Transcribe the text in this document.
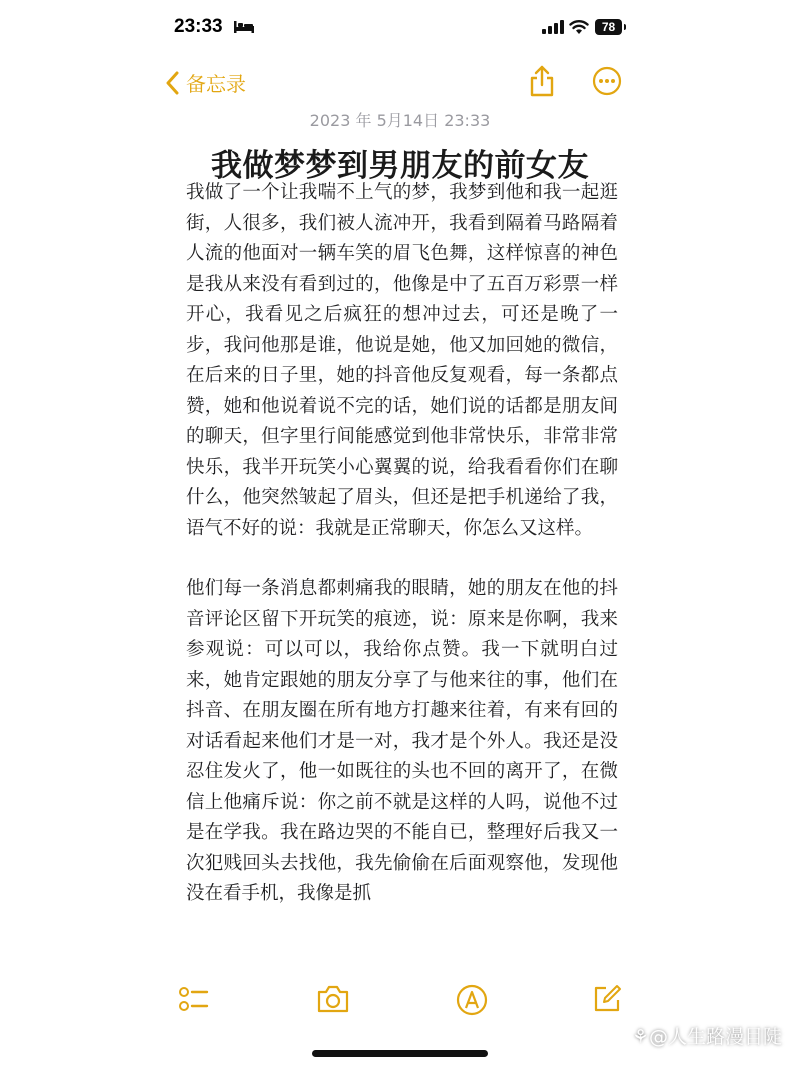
23:33	78
备忘录
2023 年 5月14日 23:33
我做梦梦到男朋友的前女友

我做了一个让我喘不上气的梦，我梦到他和我一起逛街，人很多，我们被人流冲开，我看到隔着马路隔着人流的他面对一辆车笑的眉飞色舞，这样惊喜的神色是我从来没有看到过的，他像是中了五百万彩票一样开心，我看见之后疯狂的想冲过去，可还是晚了一步，我问他那是谁，他说是她，他又加回她的微信，在后来的日子里，她的抖音他反复观看，每一条都点赞，她和他说着说不完的话，她们说的话都是朋友间的聊天，但字里行间能感觉到他非常快乐，非常非常快乐，我半开玩笑小心翼翼的说，给我看看你们在聊什么，他突然皱起了眉头，但还是把手机递给了我，语气不好的说：我就是正常聊天，你怎么又这样。

他们每一条消息都刺痛我的眼睛，她的朋友在他的抖音评论区留下开玩笑的痕迹，说：原来是你啊，我来参观说：可以可以，我给你点赞。我一下就明白过来，她肯定跟她的朋友分享了与他来往的事，他们在抖音、在朋友圈在所有地方打趣来往着，有来有回的对话看起来他们才是一对，我才是个外人。我还是没忍住发火了，他一如既往的头也不回的离开了，在微信上他痛斥说：你之前不就是这样的人吗，说他不过是在学我。我在路边哭的不能自已，整理好后我又一次犯贱回头去找他，我先偷偷在后面观察他，发现他没在看手机，我像是抓

⚘@人生路漫目陡
